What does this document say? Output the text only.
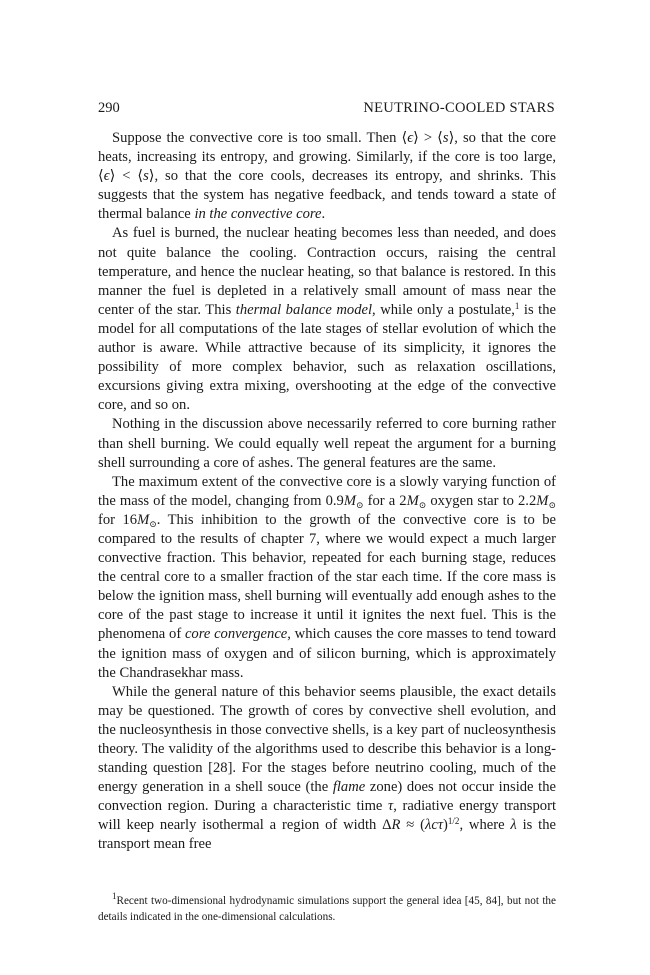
290	NEUTRINO-COOLED STARS

Suppose the convective core is too small. Then ⟨ϵ⟩ > ⟨s⟩, so that the core heats, increasing its entropy, and growing. Similarly, if the core is too large, ⟨ϵ⟩ < ⟨s⟩, so that the core cools, decreases its entropy, and shrinks. This suggests that the system has negative feedback, and tends toward a state of thermal balance in the convective core.

As fuel is burned, the nuclear heating becomes less than needed, and does not quite balance the cooling. Contraction occurs, raising the central temperature, and hence the nuclear heating, so that balance is restored. In this manner the fuel is depleted in a relatively small amount of mass near the center of the star. This thermal balance model, while only a postulate,$^1$ is the model for all computations of the late stages of stellar evolution of which the author is aware. While attractive because of its simplicity, it ignores the possibility of more complex behavior, such as relaxation oscillations, excursions giving extra mixing, overshooting at the edge of the convective core, and so on.

Nothing in the discussion above necessarily referred to core burning rather than shell burning. We could equally well repeat the argument for a burning shell surrounding a core of ashes. The general features are the same.

The maximum extent of the convective core is a slowly varying function of the mass of the model, changing from $0.9M_⊙$ for a $2M_⊙$ oxygen star to $2.2M_⊙$ for $16M_⊙$. This inhibition to the growth of the convective core is to be compared to the results of chapter 7, where we would expect a much larger convective fraction. This behavior, repeated for each burning stage, reduces the central core to a smaller fraction of the star each time. If the core mass is below the ignition mass, shell burning will eventually add enough ashes to the core of the past stage to increase it until it ignites the next fuel. This is the phenomena of core convergence, which causes the core masses to tend toward the ignition mass of oxygen and of silicon burning, which is approximately the Chandrasekhar mass.

While the general nature of this behavior seems plausible, the exact details may be questioned. The growth of cores by convective shell evolution, and the nucleosynthesis in those convective shells, is a key part of nucleosynthesis theory. The validity of the algorithms used to describe this behavior is a long-standing question [28]. For the stages before neutrino cooling, much of the energy generation in a shell souce (the flame zone) does not occur inside the convection region. During a characteristic time τ, radiative energy transport will keep nearly isothermal a region of width $\Delta R \approx (\lambda c\tau)^{1/2}$, where λ is the transport mean free

$^1$Recent two-dimensional hydrodynamic simulations support the general idea [45, 84], but not the details indicated in the one-dimensional calculations.
